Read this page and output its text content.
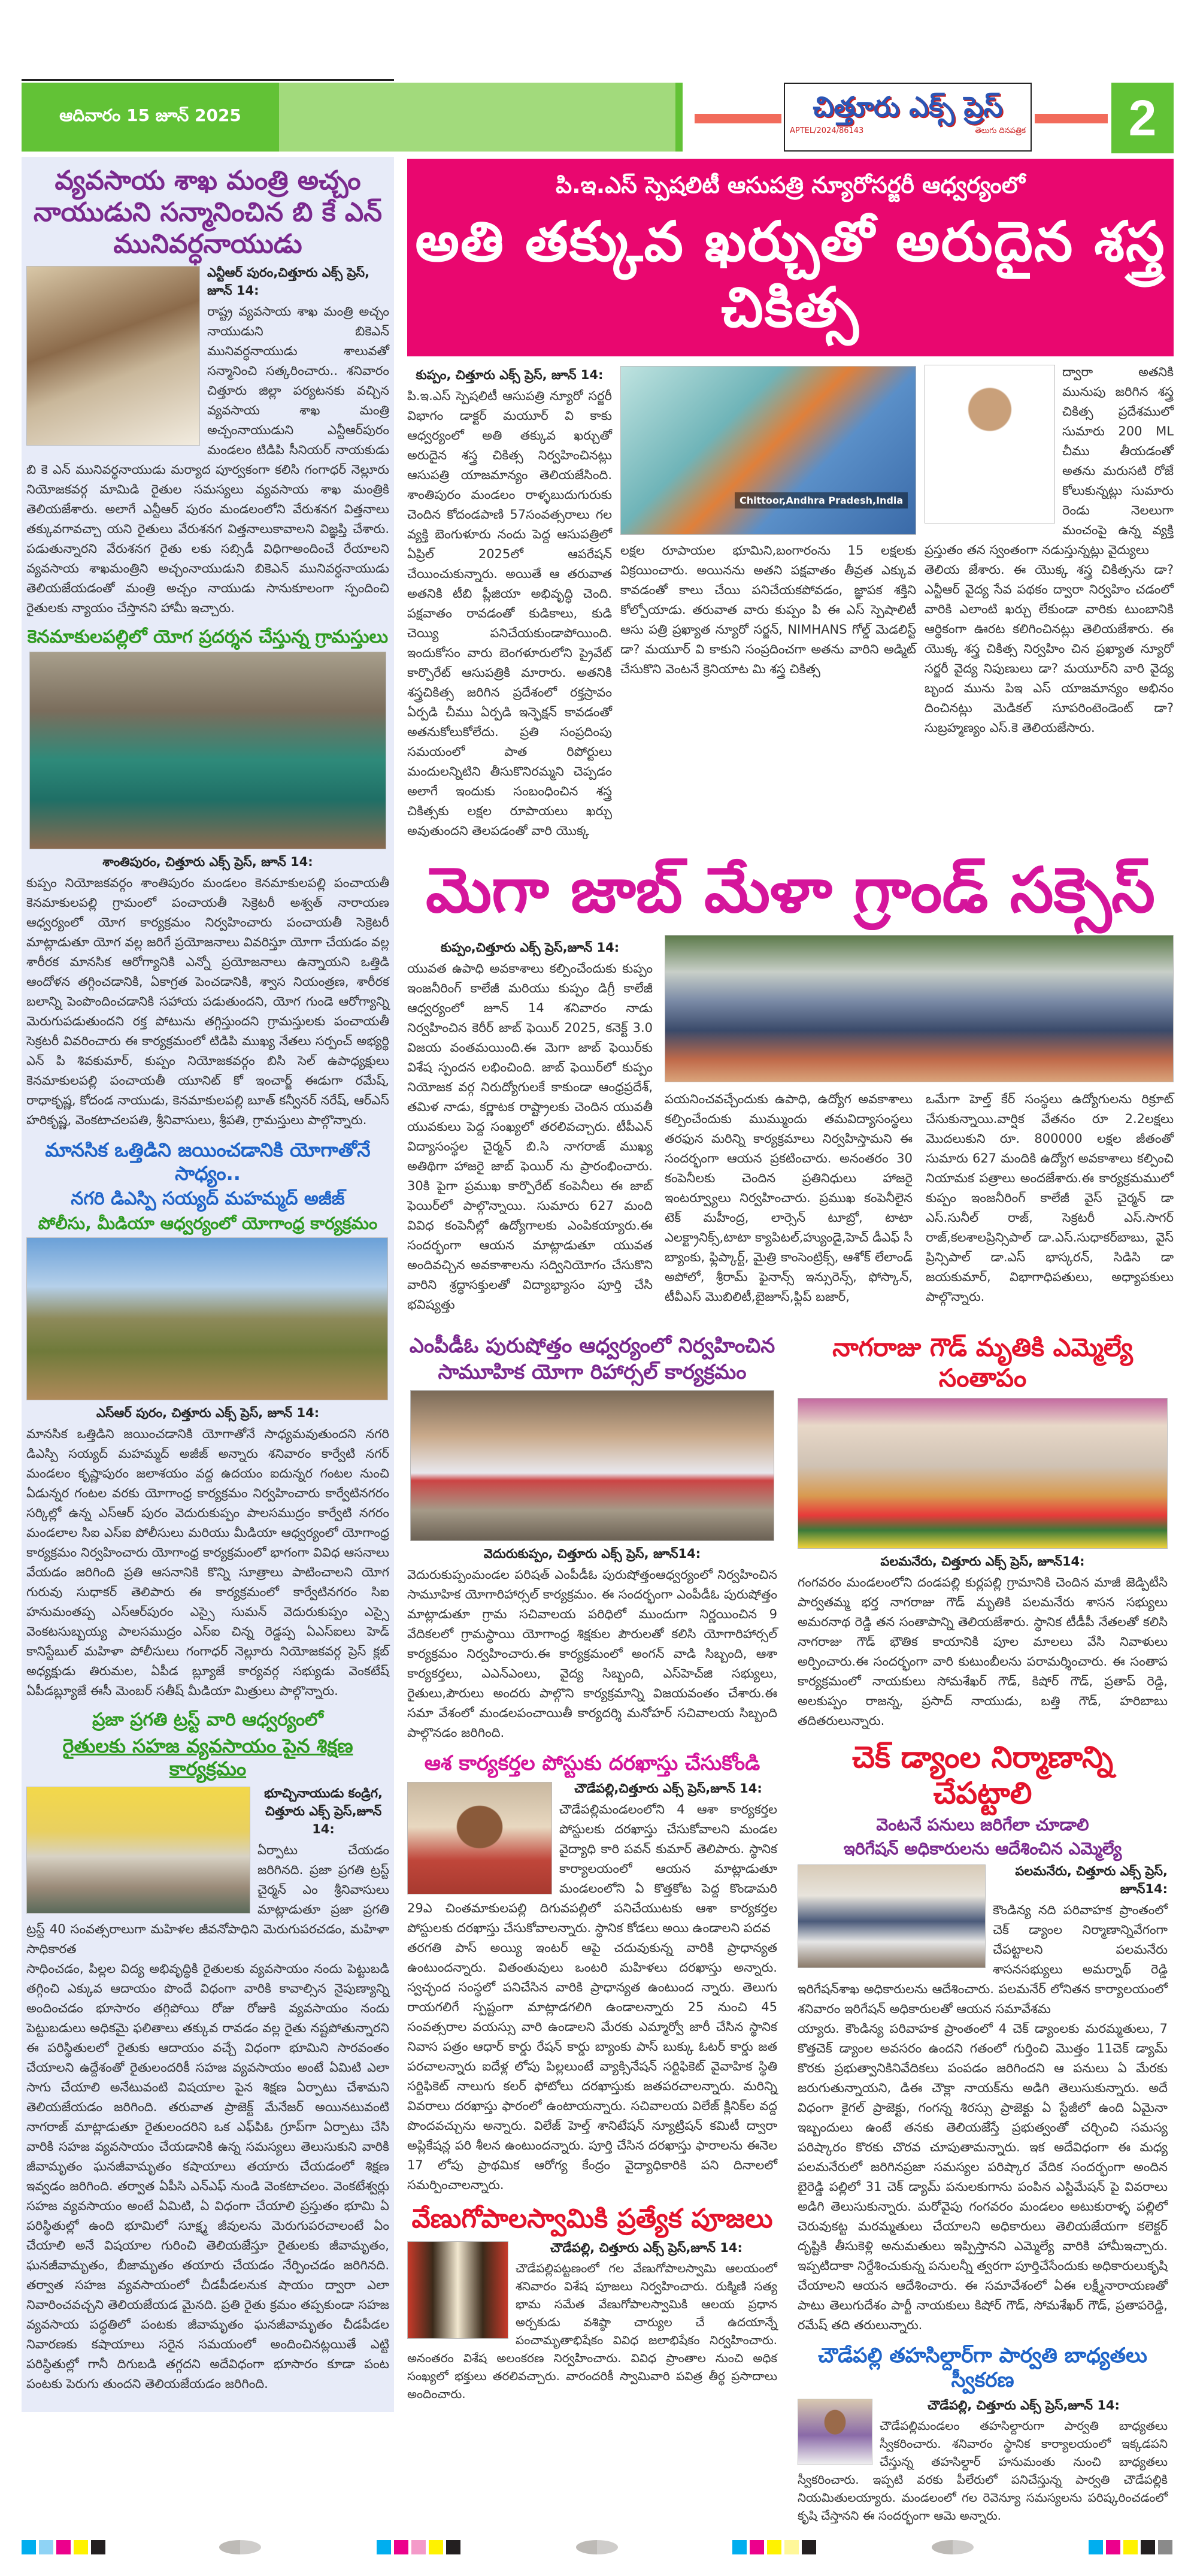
ఆదివారం 15 జూన్ 2025	చిత్తూరు ఎక్స్ ప్రెస్
APTEL/2024/86143	తెలుగు దినపత్రిక 2
వ్యవసాయ శాఖ మంత్రి అచ్చం నాయుడుని సన్మానించిన బి కే ఎన్ మునివర్ధనాయుడు
ఎన్టీఆర్ పురం,చిత్తూరు ఎక్స్ ప్రెస్, జూన్ 14:
రాష్ట్ర వ్యవసాయ శాఖ మంత్రి అచ్చం నాయుడుని బికెఎన్ మునివర్ధనాయుడు శాలువతో సన్మానించి సత్కరించారు.. శనివారం చిత్తూరు జిల్లా పర్యటనకు వచ్చిన వ్యవసాయ శాఖ మంత్రి అచ్చంనాయుడుని ఎన్టీఆర్‌పురం మండలం టిడిపి సీనియర్ నాయకుడు బి కె ఎన్ మునివర్ధనాయుడు మర్యాద పూర్వకంగా కలిసి గంగాధర్ నెల్లూరు నియోజకవర్గ మామిడి రైతుల సమస్యలు వ్యవసాయ శాఖ మంత్రికి తెలియజేశారు. అలాగే ఎన్టీఆర్ పురం మండలంలోని వేరుశనగ విత్తనాలు తక్కువగావచ్చా యని రైతులు వేరుశనగ విత్తనాలుకావాలని విజ్ఞప్తి చేశారు. పడుతున్నారని వేరుశనగ రైతు లకు సబ్సిడీ విధిగాఅందించే రేయాలని వ్యవసాయ శాఖమంత్రిని అచ్చంనాయుడుని బికెఎన్ మునివర్ధనాయుడు తెలియజేయడంతో మంత్రి అచ్చం నాయుడు సానుకూలంగా స్పందించి రైతులకు న్యాయం చేస్తానని హామీ ఇచ్చారు.
కెనమాకులపల్లిలో యోగ ప్రదర్శన చేస్తున్న గ్రామస్తులు
శాంతిపురం, చిత్తూరు ఎక్స్ ప్రెస్, జూన్ 14:
కుప్పం నియోజకవర్గం శాంతిపురం మండలం కెనమాకులపల్లి పంచాయతీ కెనమాకులపల్లి గ్రామంలో పంచాయతీ సెక్రెటరీ అశ్వత్ నారాయణ ఆధ్వర్యంలో యోగ కార్యక్రమం నిర్వహించారు పంచాయతీ సెక్రెటరీ మాట్లాడుతూ యోగ వల్ల జరిగే ప్రయోజనాలు వివరిస్తూ యోగా చేయడం వల్ల శారీరక మానసిక ఆరోగ్యానికి ఎన్నో ప్రయోజనాలు ఉన్నాయని ఒత్తిడి ఆందోళన తగ్గించడానికి, ఏకాగ్రత పెంచడానికి, శ్వాస నియంత్రణ, శారీరక బలాన్ని పెంపొందించడానికి సహాయ పడుతుందని, యోగ గుండె ఆరోగ్యాన్ని మెరుగుపడుతుందని రక్త పోటును తగ్గిస్తుందని గ్రామస్తులకు పంచాయతీ సెక్రటరీ వివరించారు ఈ కార్యక్రమంలో టిడిపి ముఖ్య నేతలు సర్పంచ్ అభ్యర్థి ఎన్ పి శివకుమార్, కుప్పం నియోజకవర్గం బిసి సెల్ ఉపాధ్యక్షులు కెనమాకులపల్లి పంచాయతీ యూనిట్ కో ఇంచార్జ్ ఈడుగా రమేష్, రాధాకృష్ణ, కోదండ నాయుడు, కెనమాకులపల్లి బూత్ కన్వీనర్ నరేష్, ఆర్‌ఎస్ హరికృష్ణ, వెంకటాచలపతి, శ్రీనివాసులు, శ్రీపతి, గ్రామస్తులు పాల్గొన్నారు.
మానసిక ఒత్తిడిని జయించడానికి యోగాతోనే సాధ్యం..
నగరి డిఎస్పి సయ్యద్ మహమ్మద్ అజీజ్
పోలీసు, మీడియా ఆధ్వర్యంలో యోగాంధ్ర కార్యక్రమం
ఎస్ఆర్ పురం, చిత్తూరు ఎక్స్ ప్రెస్, జూన్ 14:
మానసిక ఒత్తిడిని జయించడానికి యోగాతోనే సాధ్యమవుతుందని నగరి డిఎస్పి సయ్యద్ మహమ్మద్ అజీజ్ అన్నారు శనివారం కార్వేటి నగర్ మండలం కృష్ణాపురం జలాశయం వద్ద ఉదయం ఐదున్నర గంటల నుంచి ఏడున్నర గంటల వరకు యోగాంధ్ర కార్యక్రమం నిర్వహించారు కార్వేటినగరం సర్కిల్లో ఉన్న ఎస్ఆర్ పురం వెదురుకుప్పం పాలసముద్రం కార్వేటి నగరం మండలాల సిఐ ఎస్ఐ పోలీసులు మరియు మీడియా ఆధ్వర్యంలో యోగాంధ్ర కార్యక్రమం నిర్వహించారు యోగాంధ్ర కార్యక్రమంలో భాగంగా వివిధ ఆసనాలు వేయడం జరిగింది ప్రతి ఆసనానికి కొన్ని సూత్రాలు పాటించాలని యోగ గురువు సుధాకర్ తెలిపారు ఈ కార్యక్రమంలో కార్వేటినగరం సిఐ హనుమంతప్ప ఎస్ఆర్‌పురం ఎస్సై సుమన్ వెదురుకుప్పం ఎస్సై వెంకటసుబ్బయ్య పాలసముద్రం ఎస్ఐ చిన్న రెడ్డప్ప ఏఎస్ఐలు హెడ్ కానిస్టేబుల్ మహిళా పోలీసులు గంగాధర్ నెల్లూరు నియోజకవర్గ ప్రెస్ క్లబ్ అధ్యక్షుడు తిరుమల, ఏపీడ బ్ల్యూజే కార్యవర్గ సభ్యుడు వెంకటేష్ ఏపీడబ్ల్యూజే ఈసీ మెంబర్ సతీష్ మీడియా మిత్రులు పాల్గొన్నారు.
ప్రజా ప్రగతి ట్రస్ట్ వారి ఆధ్వర్యంలో
రైతులకు సహజ వ్యవసాయం పైన శిక్షణ కార్యక్రమం
భూచ్చినాయుడు కండ్రిగ, చిత్తూరు ఎక్స్ ప్రెస్,జూన్ 14:
ఏర్పాటు చేయడం జరిగినది. ప్రజా ప్రగతి ట్రస్ట్ చైర్మన్ ఎం శ్రీనివాసులు మాట్లాడుతూ ప్రజా ప్రగతి ట్రస్ట్ 40 సంవత్సరాలుగా మహిళల జీవనోపాధిని మెరుగుపరచడం, మహిళా సాధికారత
సాధించడం, పిల్లల విద్య అభివృద్ధికి రైతులకు వ్యవసాయం నందు పెట్టుబడి తగ్గించి ఎక్కువ ఆదాయం పొందే విధంగా వారికి కావాల్సిన నైపుణ్యాన్ని అందించడం భూసారం తగ్గిపోయి రోజు రోజుకి వ్యవసాయం నందు పెట్టుబడులు అధికమై ఫలితాలు తక్కువ రావడం వల్ల రైతు నష్టపోతున్నారని ఈ పరిస్థితులలో రైతుకు ఆదాయం వచ్చే విధంగా భూమిని సారవంతం చేయాలని ఉద్దేశంతో రైతులందరికీ సహజ వ్యవసాయం అంటే ఏమిటి ఎలా సాగు చేయాలి అనేటువంటి విషయాల పైన శిక్షణ ఏర్పాటు చేశామని తెలియజేయడం జరిగింది. తరువాత ప్రాజెక్ట్ మేనేజర్ అయినటువంటి నాగరాజ్ మాట్లాడుతూ రైతులందరిని ఒక ఎఫ్‌పిఓ గ్రూప్‌గా ఏర్పాటు చేసి వారికి సహజ వ్యవసాయం చేయడానికి ఉన్న సమస్యలు తెలుసుకుని వారికి జీవామృతం ఘనజీవామృతం కషాయాలు తయారు చేయడంలో శిక్షణ ఇవ్వడం జరిగింది. తర్వాత ఏపీసి ఎన్ఎఫ్ నుండి వెంకటాచలం. వెంకటేశ్వర్లు సహజ వ్యవసాయం అంటే ఏమిటి, ఏ విధంగా చేయాలి ప్రస్తుతం భూమి ఏ పరిస్థితుల్లో ఉంది భూమిలో సూక్ష్మ జీవులను మెరుగుపరచాలంటే ఏం చేయాలి అనే విషయాల గురించి తెలియజేస్తూ రైతులకు జీవామృతం, ఘనజీవామృతం, బీజామృతం తయారు చేయడం నేర్పించడం జరిగినది. తర్వాత సహజ వ్యవసాయంలో చీడపీడలనుక షాయం ద్వారా ఎలా నివారించవచ్చని తెలియజేయడ మైనది. ప్రతి రైతు క్రమం తప్పకుండా సహజ వ్యవసాయ పద్ధతిలో పంటకు జీవామృతం ఘనజీవామృతం చీడపీడల నివారణకు కషాయాలు సరైన సమయంలో అందించినట్లయితే ఎట్టి పరిస్థితుల్లో గానీ దిగుబడి తగ్గదని అదేవిధంగా భూసారం కూడా పంట పంటకు పెరుగు తుందని తెలియజేయడం జరిగింది.
పి.ఇ.ఎస్ స్పెషలిటీ ఆసుపత్రి న్యూరోసర్జరీ ఆధ్వర్యంలో
అతి తక్కువ ఖర్చుతో అరుదైన శస్త్ర చికిత్స
కుప్పం, చిత్తూరు ఎక్స్ ప్రెస్, జూన్ 14:
పి.ఇ.ఎస్ స్పెషలిటీ ఆసుపత్రి న్యూరో సర్జరీ విభాగం డాక్టర్ మయూర్ వి కాకు ఆధ్వర్యంలో అతి తక్కువ ఖర్చుతో అరుదైన శస్త్ర చికిత్స నిర్వహించినట్లు ఆసుపత్రి యాజమాన్యం తెలియజేసింది. శాంతిపురం మండలం రాళ్ళబుదుగురుకు చెందిన కోదండపాణి 57సంవత్సరాలు గల వ్యక్తి బెంగుళూరు నందు పెద్ద ఆసుపత్రిలో ఏప్రిల్ 2025లో ఆపరేషన్ చేయించుకున్నారు. అయితే ఆ తరువాత అతనికి టీబి ప్లీజియా అభివృద్ధి చెంది. పక్షవాతం రావడంతో కుడికాలు, కుడి చెయ్యి పనిచేయకుండాపోయింది. ఇందుకోసం వారు బెంగళూరులోని ప్రైవేట్ కార్పొరేట్ ఆసుపత్రికి మారారు. అతనికి శస్త్రచికిత్స జరిగిన ప్రదేశంలో రక్తస్రావం ఏర్పడి చీము ఏర్పడి ఇన్ఫెక్షన్ కావడంతో అతనుకోలుకోలేదు. ప్రతి సంప్రదింపు సమయంలో పాత రిపోర్టులు మందులన్నిటిని తీసుకొనిరమ్మని చెప్పడం అలాగే ఇందుకు సంబంధించిన శస్త్ర చికిత్సకు లక్షల రూపాయలు ఖర్చు అవుతుందని తెలపడంతో వారి యొక్క
Chittoor,Andhra Pradesh,India
లక్షల రూపాయల భూమిని,బంగారంను 15 లక్షలకు విక్రయించారు. అయినను అతని పక్షవాతం తీవ్రత ఎక్కువ కావడంతో కాలు చేయి పనిచేయకపోవడం, జ్ఞాపక శక్తిని కోల్పోయాడు. తరువాత వారు కుప్పం పి ఈ ఎస్ స్పెషాలిటీ ఆసు పత్రి ప్రఖ్యాత న్యూరో సర్జన్, NIMHANS గోల్డ్ మెడలిస్ట్ డా? మయూర్ వి కాకుని సంప్రదించగా అతను వారిని అడ్మిట్ చేసుకొని వెంటనే క్రెనియాట మి శస్త్ర చికిత్స
ద్వారా అతనికి మునుపు జరిగిన శస్త్ర చికిత్స ప్రదేశములో సుమారు 200 ML చీము తీయడంతో అతను మరుసటి రోజే కోలుకున్నట్లు సుమారు రెండు నెలలుగా మంచంపై ఉన్న వ్యక్తి ప్రస్తుతం తన స్వంతంగా నడుస్తున్నట్లు వైద్యులు
తెలియ జేశారు. ఈ యొక్క శస్త్ర చికిత్సను డా? ఎన్టీఆర్ వైద్య సేవ పథకం ద్వారా నిర్వహిం చడంలో వారికి ఎలాంటి ఖర్చు లేకుండా వారికు టుంబానికి ఆర్థికంగా ఊరట కలిగించినట్లు తెలియజేశారు. ఈ యొక్క శస్త్ర చికిత్స నిర్వహిం చిన ప్రఖ్యాత న్యూరో సర్జరీ వైద్య నిపుణులు డా? మయూర్‌ని వారి వైద్య బృంద మును పిఇ ఎస్ యాజమాన్యం అభినం దించినట్లు మెడికల్ సూపరింటెండెంట్ డా?సుబ్రహ్మణ్యం ఎస్.కె తెలియజేసారు.
మెగా జాబ్ మేళా గ్రాండ్ సక్సెస్
కుప్పం,చిత్తూరు ఎక్స్ ప్రెస్,జూన్ 14:
యువత ఉపాధి అవకాశాలు కల్పించేందుకు కుప్పం ఇంజనీరింగ్ కాలేజీ మరియు కుప్పం డిగ్రీ కాలేజీ ఆధ్వర్యంలో జూన్ 14 శనివారం నాడు నిర్వహించిన కెరీర్ జాబ్ ఫెయిర్ 2025, కనెక్ట్ 3.0 విజయ వంతమయింది.ఈ మెగా జాబ్ ఫెయిర్‌కు విశేష స్పందన లభించింది. జాబ్ ఫెయిర్‌లో కుప్పం నియోజక వర్గ నిరుద్యోగులకే కాకుండా ఆంధ్రప్రదేశ్, తమిళ నాడు, కర్ణాటక రాష్ట్రాలకు చెందిన యువతీ యువకులు పెద్ద సంఖ్యలో తరలివచ్చారు. టీపీఎన్ విద్యాసంస్థల చైర్మన్ బి.సి నాగరాజ్ ముఖ్య అతిథిగా హాజరై జాబ్ ఫెయిర్ ను ప్రారంభించారు. 30కి పైగా ప్రముఖ కార్పొరేట్ కంపెనీలు ఈ జాబ్ ఫెయిర్‌లో పాల్గొన్నాయి. సుమారు 627 మంది వివిధ కంపెనీల్లో ఉద్యోగాలకు ఎంపికయ్యారు.ఈ సందర్భంగా ఆయన మాట్లాడుతూ యువత అందివచ్చిన అవకాశాలను సద్వినియోగం చేసుకొని వారిని శ్రద్ధాసక్తులతో విద్యాభ్యాసం పూర్తి చేసి భవిష్యత్తు
పయనించవచ్చేందుకు ఉపాధి, ఉద్యోగ అవకాశాలు కల్పించేందుకు ముమ్ముందు తమవిద్యాసంస్థలు తరఫున మరిన్ని కార్యక్రమాలు నిర్వహిస్తామని ఈ సందర్భంగా ఆయన ప్రకటించారు. అనంతరం 30 కంపెనీలకు చెందిన ప్రతినిధులు హాజరై ఇంటర్వ్యూలు నిర్వహించారు. ప్రముఖ కంపెనీలైన టెక్ మహీంద్ర, లార్సెన్ టూబ్రో, టాటా ఎలక్ట్రానిక్స్,టాటా క్యాపిటల్,హ్యుండై,హెచ్ డీఎఫ్ సీ బ్యాంకు, ఫ్లిప్కార్ట్, మైత్రి కాంసెంట్రిక్స్, ఆశోక్ లేలాండ్ అపోలో, శ్రీరామ్ ఫైనాన్స్ ఇన్సురెన్స్, ఫోస్కాన్, టీవీఎస్ మొబిలిటీ,బైజూస్,ఫ్లిప్ బజార్,
ఒమేగా హెల్త్ కేర్ సంస్థలు ఉద్యోగులను రిక్రూట్ చేసుకున్నాయి.వార్షిక వేతనం రూ 2.2లక్షలు మొదలుకుని రూ. 800000 లక్షల జీతంతో సుమారు 627 మందికి ఉద్యోగ అవకాశాలు కల్పించి నియామక పత్రాలు అందజేశారు.ఈ కార్యక్రమములో కుప్పం ఇంజనీరింగ్ కాలేజీ వైస్ చైర్మన్ డా ఎస్.సునీల్ రాజ్, సెక్రటరీ ఎస్.సాగర్ రాజ్,కలశాలప్రిన్సిపాల్ డా.ఎస్.సుధాకర్‌బాబు, వైస్ ప్రిన్సిపాల్ డా.ఎస్ భాస్కరన్, సిడిసి డా జయకుమార్, విభాగాధిపతులు, అధ్యాపకులు పాల్గొన్నారు.
ఎంపీడీఓ పురుషోత్తం ఆధ్వర్యంలో నిర్వహించిన సామూహిక యోగా రిహార్సల్ కార్యక్రమం
వెదురుకుప్పం, చిత్తూరు ఎక్స్ ప్రెస్, జూన్14:
వెదురుకుప్పంమండల పరిషత్ ఎంపీడీఓ పురుషోత్తంఆధ్వర్యంలో నిర్వహించిన సామూహిక యోగారిహార్సల్ కార్యక్రమం. ఈ సందర్భంగా ఎంపీడీఓ పురుషోత్తం మాట్లాడుతూ గ్రామ సచివాలయ పరిధిలో ముందుగా నిర్ణయించిన 9 వేదికలలో గ్రామస్థాయి యోగాంధ్ర శిక్షకుల పౌరులతో కలిసి యోగారిహార్సల్ కార్యక్రమం నిర్వహించారు.ఈ కార్యక్రమంలో అంగన్ వాడి సిబ్బంది, ఆశా కార్యకర్తలు, ఎఎన్ఎంలు, వైద్య సిబ్బంది, ఎస్‌హెచ్‌జి సభ్యులు, రైతులు,పౌరులు అందరు పాల్గొని కార్యక్రమాన్ని విజయవంతం చేశారు.ఈ సమా వేశంలో మండలపంచాయితీ కార్యదర్శి మనోహర్ సచివాలయ సిబ్బంది పాల్గొనడం జరిగింది.
ఆశ కార్యకర్తల పోస్టుకు దరఖాస్తు చేసుకోండి
చౌడేపల్లి,చిత్తూరు ఎక్స్ ప్రెస్,జూన్ 14:
చౌడేపల్లిమండలంలోని 4 ఆశా కార్యకర్తల పోస్టులకు దరఖాస్తు చేసుకోవాలని మండల వైద్యాధి కారి పవన్ కుమార్ తెలిపారు. స్థానిక కార్యాలయంలో ఆయన మాట్లాడుతూ మండలంలోని ఏ కొత్తకోట పెద్ద కొండామరి 29ఎ చింతమాకులపల్లి దిగువపల్లిలో పనిచేయుటకు ఆశా కార్యకర్తల పోస్టులకు దరఖాస్తు చేసుకోవాలన్నారు. స్థానిక కోడలు అయి ఉండాలని పదవ
తరగతి పాస్ అయ్యి ఇంటర్ ఆపై చదువుకున్న వారికి ప్రాధాన్యత ఉంటుందన్నారు. వితంతువులు ఒంటరి మహిళలు దరఖాస్తు అన్నారు. స్వచ్ఛంద సంస్థలో పనిచేసిన వారికి ప్రాధాన్యత ఉంటుంద న్నారు. తెలుగు రాయగలిగే స్పష్టంగా మాట్లాడగలిగి ఉండాలన్నారు 25 నుంచి 45 సంవత్సరాల వయస్సు వారి ఉండాలని మేరకు ఎమ్మార్వో జారీ చేసిన స్థానిక నివాస పత్రం ఆధార్ కార్డు రేషన్ కార్డు బ్యాంకు పాస్ బుక్కు ఓటర్ కార్డు జత పరచాలన్నారు ఐదేళ్ల లోపు పిల్లలుంటే వ్యాక్సినేషన్ సర్టిఫికెట్ వైవాహిక స్థితి సర్టిఫికెట్ నాలుగు కలర్ ఫోటోలు దరఖాస్తుకు జతపరచాలన్నారు. మరిన్ని వివరాలు దరఖాస్తు ఫారంలో ఉంటాయన్నారు. సచివాలయ విలేజ్ క్లినిక్‌ల వద్ద పొందవచ్చును అన్నారు. విలేజ్ హెల్త్ శానిటేషన్ న్యూట్రిషన్ కమిటీ ద్వారా అప్లికేషన్ల పరి శీలన ఉంటుందన్నారు. పూర్తి చేసిన దరఖాస్తు ఫారాలను ఈనెల 17 లోపు ప్రాథమిక ఆరోగ్య కేంద్రం వైద్యాధికారికి పని దినాలలో సమర్పించాలన్నారు.
వేణుగోపాలస్వామికి ప్రత్యేక పూజలు
చౌడేపల్లి, చిత్తూరు ఎక్స్ ప్రెస్,జూన్ 14:
చౌడేపల్లిపట్టణంలో గల వేణుగోపాలస్వామి ఆలయంలో శనివారం విశేష పూజలు నిర్వహించారు. రుక్మిణి సత్య భామ సమేత వేణుగోపాలస్వామికి ఆలయ ప్రధాన అర్చకుడు వశిష్ఠా చార్యుల చే ఉదయాన్నే పంచామృతాభిషేకం వివిధ జలాభిషేకం నిర్వహించారు. అనంతరం విశేష అలంకరణ నిర్వహించారు. వివిధ ప్రాంతాల నుంచి అధిక సంఖ్యలో భక్తులు తరలివచ్చారు. వారందరికీ స్వామివారి పవిత్ర తీర్థ ప్రసాదాలు అందించారు.
నాగరాజు గౌడ్ మృతికి ఎమ్మెల్యే సంతాపం
పలమనేరు, చిత్తూరు ఎక్స్ ప్రెస్, జూన్14:
గంగవరం మండలంలోని దండపల్లి కుర్లపల్లి గ్రామానికి చెందిన మాజీ జెడ్పిటీసి పార్వతమ్మ భర్త నాగరాజు గౌడ్ మృతికి పలమనేరు శాసన సభ్యులు అమరనాథ రెడ్డి తన సంతాపాన్ని తెలియజేశారు. స్థానిక టీడీపీ నేతలతో కలిసి నాగరాజు గౌడ్ భౌతిక కాయానికి పూల మాలలు వేసి నివాళులు అర్పించారు.ఈ సందర్భంగా వారి కుటుంబీలను పరామర్శించారు. ఈ సంతాప కార్యక్రమంలో నాయకులు సోమశేఖర్ గౌడ్, కిషోర్ గౌడ్, ప్రతాప్ రెడ్డి, అలకుప్పం రాజన్న, ప్రసాద్ నాయుడు, బత్తి గౌడ్, హరిబాబు తదితరులున్నారు.
చెక్ డ్యాంల నిర్మాణాన్ని చేపట్టాలి
వెంటనే పనులు జరిగేలా చూడాలి
ఇరిగేషన్ అధికారులను ఆదేశించిన ఎమ్మెల్యే
పలమనేరు, చిత్తూరు ఎక్స్ ప్రెస్, జూన్14:
కౌండిన్య నది పరివాహక ప్రాంతంలో చెక్ డ్యాంల నిర్మాణాన్నివేగంగా చేపట్టాలని పలమనేరు శాసనసభ్యులు అమర్నాథ్ రెడ్డి ఇరిగేషన్‌శాఖ అధికారులను ఆదేశించారు. పలమనేర్ లోనితన కార్యాలయంలో శనివారం ఇరిగేషన్ అధికారులతో ఆయన సమావేశమ
య్యారు. కౌండిన్య పరివాహక ప్రాంతంలో 4 చెక్ డ్యాంలకు మరమ్మతులు, 7 కొత్తచెక్ డ్యాంల అవసరం ఉందని గతంలో గుర్తించి మొత్తం 11చెక్ డ్యామ్ కొరకు ప్రభుత్వానికినివేదికలు పంపడం జరిగిందని ఆ పనులు ఏ మేరకు జరుగుతున్నాయని, డిఈ చౌక్లా నాయక్‌ను అడిగి తెలుసుకున్నారు. అదే విధంగా కైగల్ ప్రాజెక్టు, గంగన్న శిరస్సు ప్రాజెక్టు ఏ స్టేజీలో ఉంది ఏమైనా ఇబ్బందులు ఉంటే తనకు తెలియజేస్తే ప్రభుత్వంతో చర్చించి సమస్య పరిష్కారం కొరకు చొరవ చూపుతామన్నారు. ఇక అదేవిధంగా ఈ మధ్య పలమనేరులో జరిగినప్రజా సమస్యల పరిష్కార వేదిక సందర్భంగా అందిన బైరెడ్డి పల్లిలో 31 చెక్ డ్యామ్ పనులకుగాను పంపిన ఎస్టిమేషన్ పై వివరాలు అడిగి తెలుసుకున్నారు. మరోవైపు గంగవరం మండలం అటుకురాళ్ళ పల్లిలో చెరువుకట్ట మరమ్మతులు చేయాలని అధికారులు తెలియజేయగా కలెక్టర్ దృష్టికి తీసుకెళ్లి అనుమతులు ఇప్పిస్తానని ఎమ్మెల్యే వారికి హామీఇచ్చారు. ఇప్పటిదాకా నిర్దేశించుకున్న పనులన్నీ త్వరగా పూర్తిచేసేందుకు అధికారులుకృషి చేయాలని ఆయన ఆదేశించారు. ఈ సమావేశంలో ఏఈ లక్ష్మీనారాయణతో పాటు తెలుగుదేశం పార్టీ నాయకులు కిషోర్ గౌడ్, సోమశేఖర్ గౌడ్, ప్రతాపరెడ్డి, రమేష్ తది తరులున్నారు.
చౌడేపల్లి తహసిల్దార్‌గా పార్వతి బాధ్యతలు స్వీకరణ
చౌడేపల్లి, చిత్తూరు ఎక్స్ ప్రెస్,జూన్ 14:
చౌడేపల్లిమండలం తహసిల్దారుగా పార్వతి బాధ్యతలు స్వీకరించారు. శనివారం స్థానిక కార్యాలయంలో ఇక్కడపని చేస్తున్న తహసిల్దార్ హనుమంతు నుంచి బాధ్యతలు స్వీకరించారు. ఇప్పటి వరకు పీలేరులో పనిచేస్తున్న పార్వతి చౌడేపల్లికి నియమితులయ్యారు. మండలంలో గల రెవెన్యూ సమస్యలను పరిష్కరించడంలో కృషి చేస్తానని ఈ సందర్భంగా ఆమె అన్నారు.
